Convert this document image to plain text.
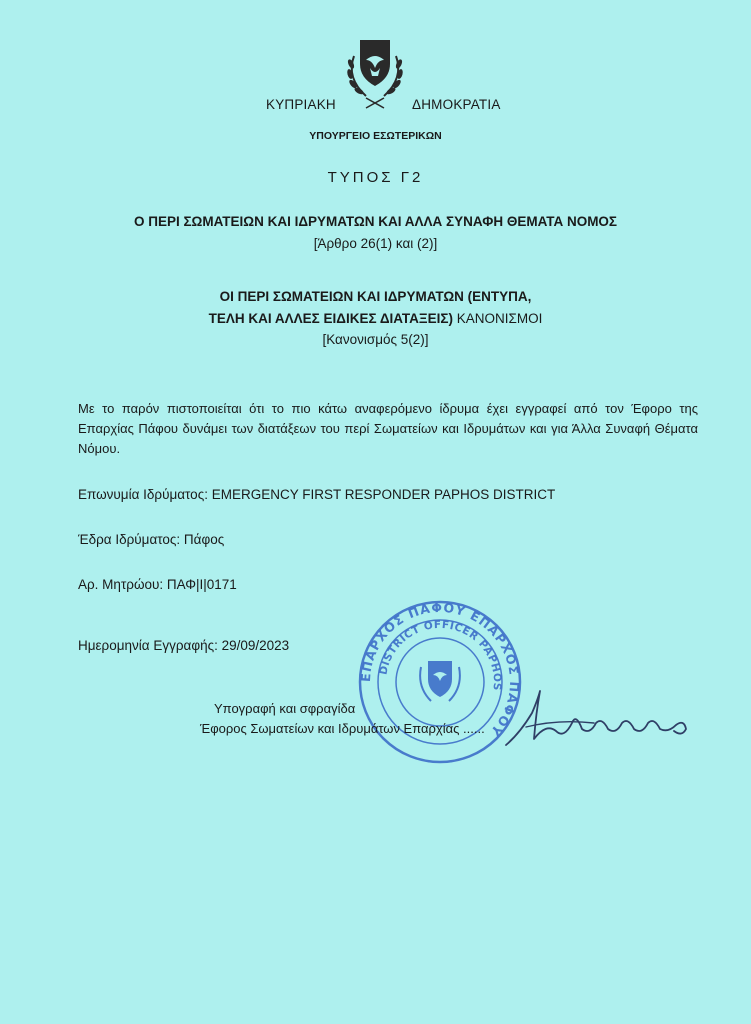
ΚΥΠΡΙΑΚΗ	ΔΗΜΟΚΡΑΤΙΑ
ΥΠΟΥΡΓΕΙΟ ΕΣΩΤΕΡΙΚΩΝ
ΤΥΠΟΣ Γ2
Ο ΠΕΡΙ ΣΩΜΑΤΕΙΩΝ ΚΑΙ ΙΔΡΥΜΑΤΩΝ ΚΑΙ ΑΛΛΑ ΣΥΝΑΦΗ ΘΕΜΑΤΑ ΝΟΜΟΣ
[Άρθρο 26(1) και (2)]
ΟΙ ΠΕΡΙ ΣΩΜΑΤΕΙΩΝ ΚΑΙ ΙΔΡΥΜΑΤΩΝ (ΕΝΤΥΠΑ,
ΤΕΛΗ ΚΑΙ ΑΛΛΕΣ ΕΙΔΙΚΕΣ ΔΙΑΤΑΞΕΙΣ) ΚΑΝΟΝΙΣΜΟΙ
[Κανονισμός 5(2)]
Με το παρόν πιστοποιείται ότι το πιο κάτω αναφερόμενο ίδρυμα έχει εγγραφεί από τον Έφορο της Επαρχίας Πάφου δυνάμει των διατάξεων του περί Σωματείων και Ιδρυμάτων και για Άλλα Συναφή Θέματα Νόμου.
Επωνυμία Ιδρύματος: EMERGENCY FIRST RESPONDER PAPHOS DISTRICT
Έδρα Ιδρύματος: Πάφος
Αρ. Μητρώου: ΠΑΦ|Ι|0171
Ημερομηνία Εγγραφής: 29/09/2023
ΕΠΑΡΧΟΣ ΠΑΦΟΥ ΕΠΑΡΧΟΣ ΠΑΦΟΥ
DISTRICT OFFICER PAPHOS
Υπογραφή και σφραγίδα
Έφορος Σωματείων και Ιδρυμάτων Επαρχίας ......
